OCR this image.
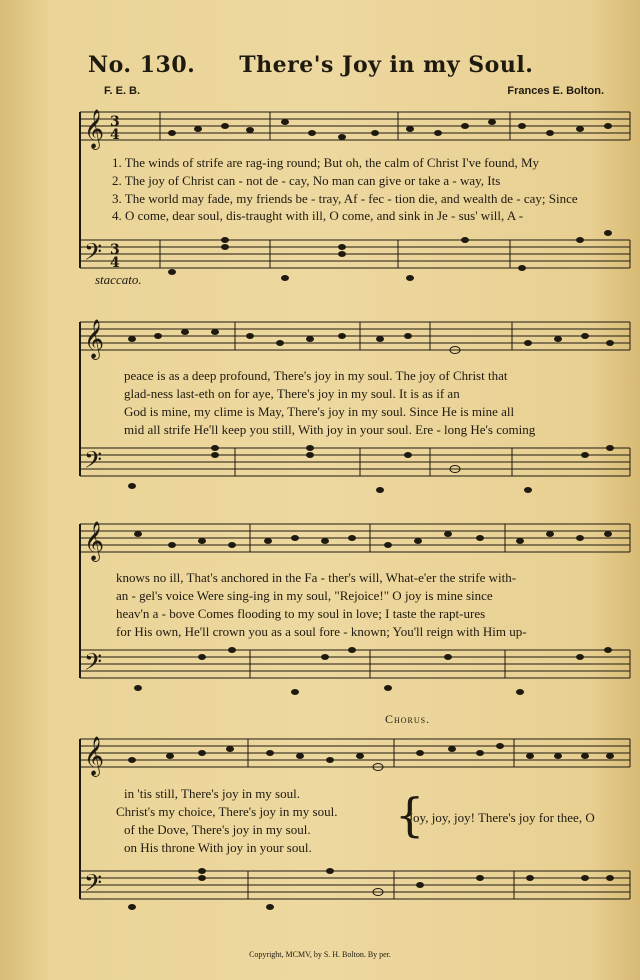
No. 130. There's Joy in my Soul.
F. E. B.	Frances E. Bolton.
𝄞
𝄢
3
4
3
4
1. The winds of strife are rag-ing round; But oh, the calm of Christ I've found, My
2. The joy of Christ can - not de - cay, No man can give or take a - way, Its
3. The world may fade, my friends be - tray, Af - fec - tion die, and wealth de - cay; Since
4. O come, dear soul, dis-traught with ill, O come, and sink in Je - sus' will, A -
staccato.
𝄞
𝄢
peace is as a deep profound, There's joy in my soul. The joy of Christ that
glad-ness last-eth on for aye, There's joy in my soul. It is as if an
God is mine, my clime is May, There's joy in my soul. Since He is mine all
mid all strife He'll keep you still, With joy in your soul. Ere - long He's coming
𝄞
𝄢
knows no ill, That's anchored in the Fa - ther's will, What-e'er the strife with-
an - gel's voice Were sing-ing in my soul, "Rejoice!" O joy is mine since
heav'n a - bove Comes flooding to my soul in love; I taste the rapt-ures
for His own, He'll crown you as a soul fore - known; You'll reign with Him up-
Chorus.
𝄞
𝄢
in 'tis still, There's joy in my soul.
Christ's my choice, There's joy in my soul.
of the Dove, There's joy in my soul.
on His throne With joy in your soul.
{
Joy, joy, joy! There's joy for thee, O
Copyright, MCMV, by S. H. Bolton. By per.
